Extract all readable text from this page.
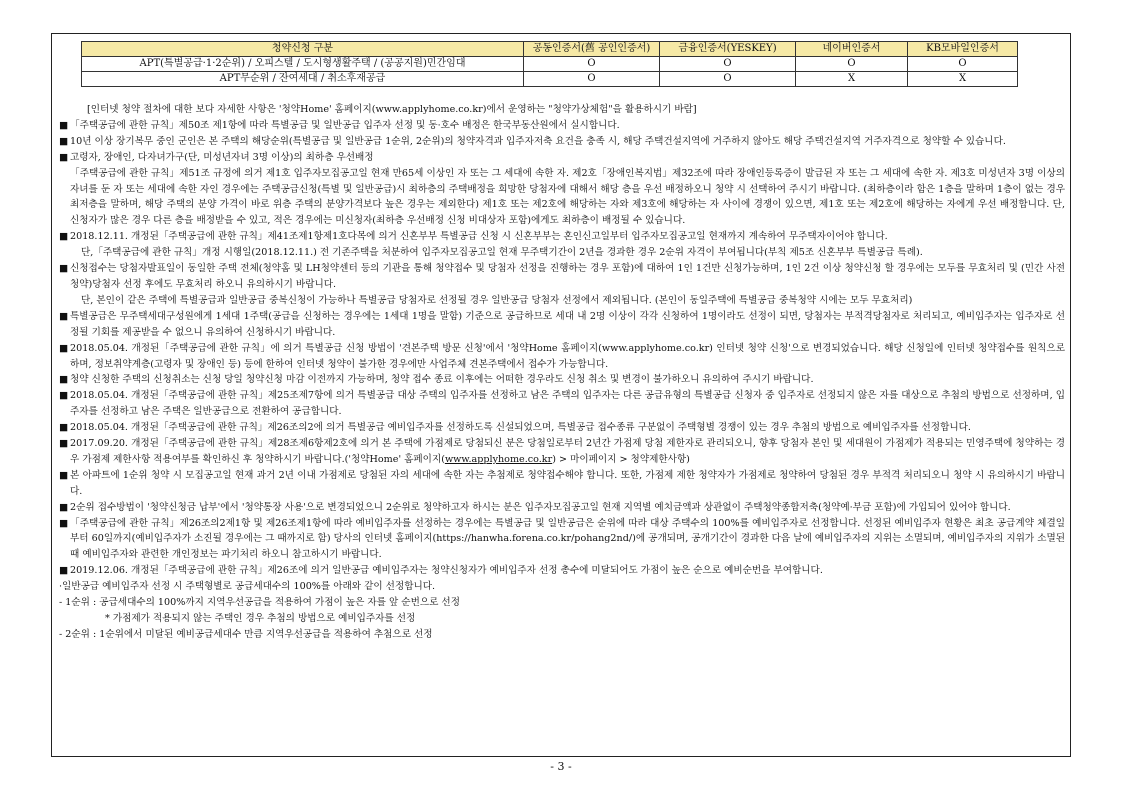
청약신청 구분	공동인증서(舊 공인인증서)	금융인증서(YESKEY)	네이버인증서	KB모바일인증서
APT(특별공급·1·2순위) / 오피스텔 / 도시형생활주택 / (공공지원)민간임대	O	O	O	O
APT무순위 / 잔여세대 / 취소후재공급	O	O	X	X
[인터넷 청약 절차에 대한 보다 자세한 사항은 '청약Home' 홈페이지(www.applyhome.co.kr)에서 운영하는 "청약가상체험"을 활용하시기 바람]
■ 「주택공급에 관한 규칙」제50조 제1항에 따라 특별공급 및 일반공급 입주자 선정 및 동·호수 배정은 한국부동산원에서 실시합니다.
■ 10년 이상 장기복무 중인 군인은 본 주택의 해당순위(특별공급 및 일반공급 1순위, 2순위)의 청약자격과 입주자저축 요건을 충족 시, 해당 주택건설지역에 거주하지 않아도 해당 주택건설지역 거주자격으로 청약할 수 있습니다.
■ 고령자, 장애인, 다자녀가구(단, 미성년자녀 3명 이상)의 최하층 우선배정
「주택공급에 관한 규칙」제51조 규정에 의거 제1호 입주자모집공고일 현재 만65세 이상인 자 또는 그 세대에 속한 자. 제2호「장애인복지법」제32조에 따라 장애인등록증이 발급된 자 또는 그 세대에 속한 자. 제3호 미성년자 3명 이상의 자녀를 둔 자 또는 세대에 속한 자인 경우에는 주택공급신청(특별 및 일반공급)시 최하층의 주택배정을 희망한 당첨자에 대해서 해당 층을 우선 배정하오니 청약 시 선택하여 주시기 바랍니다. (최하층이라 함은 1층을 말하며 1층이 없는 경우 최저층을 말하며, 해당 주택의 분양 가격이 바로 위층 주택의 분양가격보다 높은 경우는 제외한다) 제1호 또는 제2호에 해당하는 자와 제3호에 해당하는 자 사이에 경쟁이 있으면, 제1호 또는 제2호에 해당하는 자에게 우선 배정합니다. 단, 신청자가 많은 경우 다른 층을 배정받을 수 있고, 적은 경우에는 미신청자(최하층 우선배정 신청 비대상자 포함)에게도 최하층이 배정될 수 있습니다.
■ 2018.12.11. 개정된「주택공급에 관한 규칙」제41조제1항제1호다목에 의거 신혼부부 특별공급 신청 시 신혼부부는 혼인신고일부터 입주자모집공고일 현재까지 계속하여 무주택자이어야 합니다.
단,「주택공급에 관한 규칙」개정 시행일(2018.12.11.) 전 기존주택을 처분하여 입주자모집공고일 현재 무주택기간이 2년을 경과한 경우 2순위 자격이 부여됩니다(부칙 제5조 신혼부부 특별공급 특례).
■ 신청접수는 당첨자발표일이 동일한 주택 전체(청약홈 및 LH청약센터 등의 기관을 통해 청약접수 및 당첨자 선정을 진행하는 경우 포함)에 대하여 1인 1건만 신청가능하며, 1인 2건 이상 청약신청 할 경우에는 모두를 무효처리 및 (민간 사전청약)당첨자 선정 후에도 무효처리 하오니 유의하시기 바랍니다.
단, 본인이 같은 주택에 특별공급과 일반공급 중복신청이 가능하나 특별공급 당첨자로 선정될 경우 일반공급 당첨자 선정에서 제외됩니다. (본인이 동일주택에 특별공급 중복청약 시에는 모두 무효처리)
■ 특별공급은 무주택세대구성원에게 1세대 1주택(공급을 신청하는 경우에는 1세대 1명을 말함) 기준으로 공급하므로 세대 내 2명 이상이 각각 신청하여 1명이라도 선정이 되면, 당첨자는 부적격당첨자로 처리되고, 예비입주자는 입주자로 선정될 기회를 제공받을 수 없으니 유의하여 신청하시기 바랍니다.
■ 2018.05.04. 개정된「주택공급에 관한 규칙」에 의거 특별공급 신청 방법이 '견본주택 방문 신청'에서 '청약Home 홈페이지(www.applyhome.co.kr) 인터넷 청약 신청'으로 변경되었습니다. 해당 신청일에 인터넷 청약접수를 원칙으로 하며, 정보취약계층(고령자 및 장애인 등) 등에 한하여 인터넷 청약이 불가한 경우에만 사업주체 견본주택에서 접수가 가능합니다.
■ 청약 신청한 주택의 신청취소는 신청 당일 청약신청 마감 이전까지 가능하며, 청약 접수 종료 이후에는 어떠한 경우라도 신청 취소 및 변경이 불가하오니 유의하여 주시기 바랍니다.
■ 2018.05.04. 개정된「주택공급에 관한 규칙」제25조제7항에 의거 특별공급 대상 주택의 입주자를 선정하고 남은 주택의 입주자는 다른 공급유형의 특별공급 신청자 중 입주자로 선정되지 않은 자를 대상으로 추첨의 방법으로 선정하며, 입주자를 선정하고 남은 주택은 일반공급으로 전환하여 공급합니다.
■ 2018.05.04. 개정된「주택공급에 관한 규칙」제26조의2에 의거 특별공급 예비입주자를 선정하도록 신설되었으며, 특별공급 접수종류 구분없이 주택형별 경쟁이 있는 경우 추첨의 방법으로 예비입주자를 선정합니다.
■ 2017.09.20. 개정된「주택공급에 관한 규칙」제28조제6항제2호에 의거 본 주택에 가점제로 당첨되신 분은 당첨일로부터 2년간 가점제 당첨 제한자로 관리되오니, 향후 당첨자 본인 및 세대원이 가점제가 적용되는 민영주택에 청약하는 경우 가점제 제한사항 적용여부를 확인하신 후 청약하시기 바랍니다.('청약Home' 홈페이지(www.applyhome.co.kr) > 마이페이지 > 청약제한사항)
■ 본 아파트에 1순위 청약 시 모집공고일 현재 과거 2년 이내 가점제로 당첨된 자의 세대에 속한 자는 추첨제로 청약접수해야 합니다. 또한, 가점제 제한 청약자가 가점제로 청약하여 당첨된 경우 부적격 처리되오니 청약 시 유의하시기 바랍니다.
■ 2순위 접수방법이 '청약신청금 납부'에서 '청약통장 사용'으로 변경되었으니 2순위로 청약하고자 하시는 분은 입주자모집공고일 현재 지역별 예치금액과 상관없이 주택청약종합저축(청약예·부금 포함)에 가입되어 있어야 합니다.
■ 「주택공급에 관한 규칙」제26조의2제1항 및 제26조제1항에 따라 예비입주자를 선정하는 경우에는 특별공급 및 일반공급은 순위에 따라 대상 주택수의 100%를 예비입주자로 선정합니다. 선정된 예비입주자 현황은 최초 공급계약 체결일부터 60일까지(예비입주자가 소진될 경우에는 그 때까지로 함) 당사의 인터넷 홈페이지(https://hanwha.forena.co.kr/pohang2nd/)에 공개되며, 공개기간이 경과한 다음 날에 예비입주자의 지위는 소멸되며, 예비입주자의 지위가 소멸된 때 예비입주자와 관련한 개인정보는 파기처리 하오니 참고하시기 바랍니다.
■ 2019.12.06. 개정된「주택공급에 관한 규칙」제26조에 의거 일반공급 예비입주자는 청약신청자가 예비입주자 선정 총수에 미달되어도 가점이 높은 순으로 예비순번을 부여합니다.
·일반공급 예비입주자 선정 시 주택형별로 공급세대수의 100%를 아래와 같이 선정합니다.
- 1순위 : 공급세대수의 100%까지 지역우선공급을 적용하여 가점이 높은 자를 앞 순번으로 선정
* 가점제가 적용되지 않는 주택인 경우 추첨의 방법으로 예비입주자를 선정
- 2순위 : 1순위에서 미달된 예비공급세대수 만큼 지역우선공급을 적용하여 추첨으로 선정
- 3 -
